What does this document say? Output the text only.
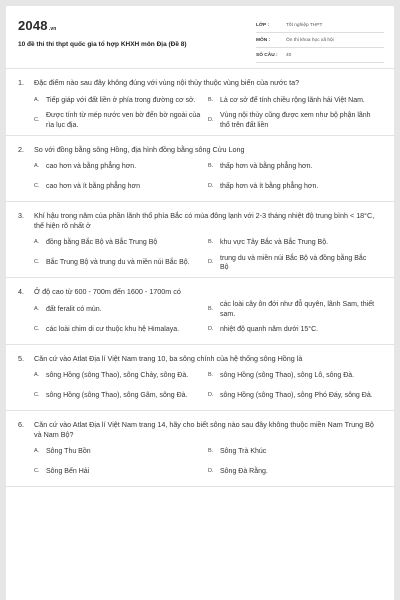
2048.vn
10 đề thi thi thpt quốc gia tổ hợp KHXH môn Địa (Đề 8)
LỚP :	Tốt nghiệp THPT
MÔN :	Ôn thi khoa học xã hội
SỐ CÂU :	40
1.	Đặc điểm nào sau đây không đúng với vùng nội thủy thuộc vùng biển của nước ta?
A. Tiếp giáp với đất liền ở phía trong đường cơ sở.	B. Là cơ sở để tính chiều rộng lãnh hải Việt Nam.
C.
Được tính từ mép nước ven bờ đến bờ ngoài của rìa lục địa.
D.
Vùng nội thủy cũng được xem như bộ phận lãnh thổ trên đất liền
2.	So với đồng bằng sông Hồng, địa hình đồng bằng sông Cửu Long
A. cao hơn và bằng phẳng hơn.	B. thấp hơn và bằng phẳng hơn.
C. cao hơn và ít bằng phẳng hơn	D. thấp hơn và ít bằng phẳng hơn.
3.	Khí hậu trong năm của phần lãnh thổ phía Bắc có mùa đông lạnh với 2-3 tháng nhiệt độ trung bình < 18°C, thể hiện rõ nhất ở
A. đồng bằng Bắc Bộ và Bắc Trung Bộ	B. khu vực Tây Bắc và Bắc Trung Bộ.
C. Bắc Trung Bộ và trung du và miền núi Bắc Bộ.	D.
trung du và miền núi Bắc Bộ và đồng bằng Bắc Bộ
4.	Ở độ cao từ 600 - 700m đến 1600 - 1700m có
A. đất feralit có mùn.	B.
các loài cây ôn đới như đỗ quyên, lãnh Sam, thiết sam.
C. các loài chim di cư thuộc khu hệ Himalaya.	D. nhiệt độ quanh năm dưới 15°C.
5.	Căn cứ vào Atlat Địa lí Việt Nam trang 10, ba sông chính của hệ thống sông Hồng là
A. sông Hồng (sông Thao), sông Chảy, sông Đà.	B. sông Hồng (sông Thao), sông Lô, sông Đà.
C. sông Hồng (sông Thao), sông Gâm, sông Đà.	D. sông Hồng (sông Thao), sông Phó Đáy, sông Đà.
6.	Căn cứ vào Atlat Địa lí Việt Nam trang 14, hãy cho biết sông nào sau đây không thuộc miền Nam Trung Bộ và Nam Bộ?
A. Sông Thu Bồn	B. Sông Trà Khúc
C. Sông Bến Hải	D. Sông Đà Rằng.
